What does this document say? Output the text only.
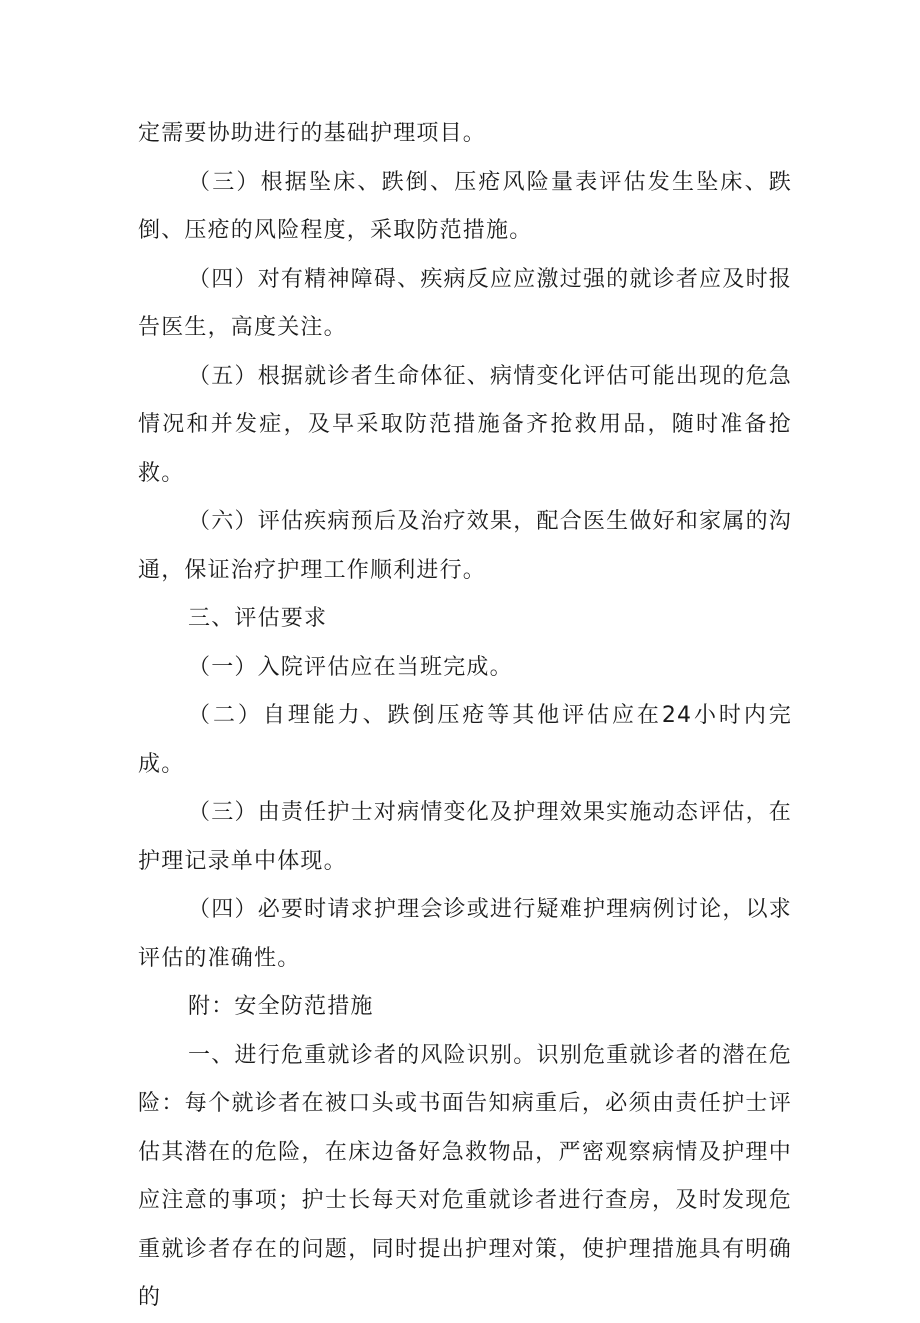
定需要协助进行的基础护理项目。

（三）根据坠床、跌倒、压疮风险量表评估发生坠床、跌倒、压疮的风险程度，采取防范措施。

（四）对有精神障碍、疾病反应应激过强的就诊者应及时报告医生，高度关注。

（五）根据就诊者生命体征、病情变化评估可能出现的危急情况和并发症，及早采取防范措施备齐抢救用品，随时准备抢救。

（六）评估疾病预后及治疗效果，配合医生做好和家属的沟通，保证治疗护理工作顺利进行。

三、评估要求

（一）入院评估应在当班完成。

（二）自理能力、跌倒压疮等其他评估应在24小时内完成。

（三）由责任护士对病情变化及护理效果实施动态评估，在护理记录单中体现。

（四）必要时请求护理会诊或进行疑难护理病例讨论，以求评估的准确性。

附：安全防范措施

一、进行危重就诊者的风险识别。识别危重就诊者的潜在危险：每个就诊者在被口头或书面告知病重后，必须由责任护士评估其潜在的危险，在床边备好急救物品，严密观察病情及护理中应注意的事项；护士长每天对危重就诊者进行查房，及时发现危重就诊者存在的问题，同时提出护理对策，使护理措施具有明确的
